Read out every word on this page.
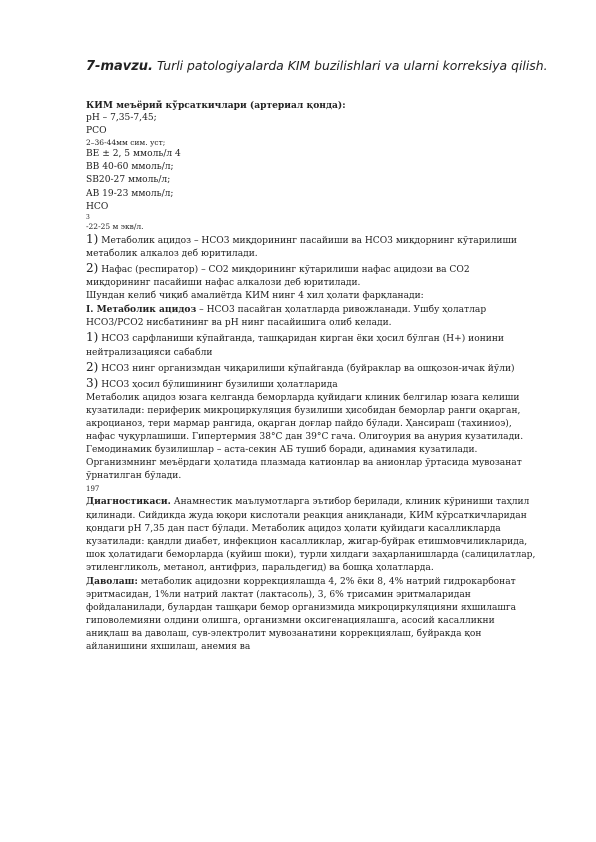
7-mavzu. Turli patologiyalarda KIM buzilishlari va ularni korreksiya qilish.

КИМ меъёрий кўрсаткичлари (артериал қонда):

pH – 7,35-7,45;

PCO

2–36-44мм сим. уст;

BE ± 2, 5 ммоль/л 4

BB 40-60 ммоль/л;

SB20-27 ммоль/л;

AB 19-23 ммоль/л;

HCO

3

-22-25 м экв/л.

1) Метаболик ацидоз – HCO3 миқдорининг пасайиши ва HCO3 миқдорнинг кўтарилиши метаболик алкалоз деб юритилади.

2) Нафас (респиратор) – CO2 миқдорининг кўтарилиши нафас ацидози ва CO2 миқдорининг пасайиши нафас алкалози деб юритилади.

Шундан келиб чиқиб амалиётда КИМ нинг 4 хил ҳолати фарқланади:

I. Метаболик ацидоз – HCO3 пасайган ҳолатларда ривожланади. Ушбу ҳолатлар HCO3/PCO2 нисбатининг ва pH нинг пасайишига олиб келади.

1) HCO3 сарфланиши кўпайганда, ташқаридан кирган ёки ҳосил бўлган (H+) ионини нейтрализацияси сабабли

2) HCO3 нинг организмдан чиқарилиши кўпайганда (буйраклар ва ошқозон-ичак йўли)

3) HCO3 ҳосил бўлишининг бузилиши ҳолатларида

Метаболик ацидоз юзага келганда беморларда қуйидаги клиник белгилар юзага келиши кузатилади: периферик микроциркуляция бузилиши ҳисобидан беморлар ранги оқарган, акроцианоз, тери мармар рангида, оқарган доғлар пайдо бўлади. Ҳансираш (тахиниоэ), нафас чуқурлашиши. Гипертермия 38°C дан 39°C гача. Олигоурия ва анурия кузатилади. Гемодинамик бузилишлар – аста-секин АБ тушиб боради, адинамия кузатилади. Организмнинг меъёрдаги ҳолатида плазмада катионлар ва анионлар ўртасида мувозанат ўрнатилган бўлади.

197

Диагностикаси. Анамнестик маълумотларга эътибор берилади, клиник кўриниши таҳлил қилинади. Сийдикда жуда юқори кислотали реакция аниқланади, КИМ кўрсаткичларидан қондаги pH 7,35 дан паст бўлади. Метаболик ацидоз ҳолати қуйидаги касалликларда кузатилади: қандли диабет, инфекцион касалликлар, жигар-буйрак етишмовчиликларида, шок ҳолатидаги беморларда (куйиш шоки), турли хилдаги заҳарланишларда (салицилатлар, этиленгликоль, метанол, антифриз, паральдегид) ва бошқа ҳолатларда.

Даволаш: метаболик ацидозни коррекциялашда 4, 2% ёки 8, 4% натрий гидрокарбонат эритмасидан, 1%ли натрий лактат (лактасоль), 3, 6% трисамин эритмаларидан фойдаланилади, булардан ташқари бемор организмида микроциркуляцияни яхшилашга гиповолемияни олдини олишга, организмни оксигенациялашга, асосий касалликни аниқлаш ва даволаш, сув-электролит мувозанатини коррекциялаш, буйракда қон айланишини яхшилаш, анемия ва
